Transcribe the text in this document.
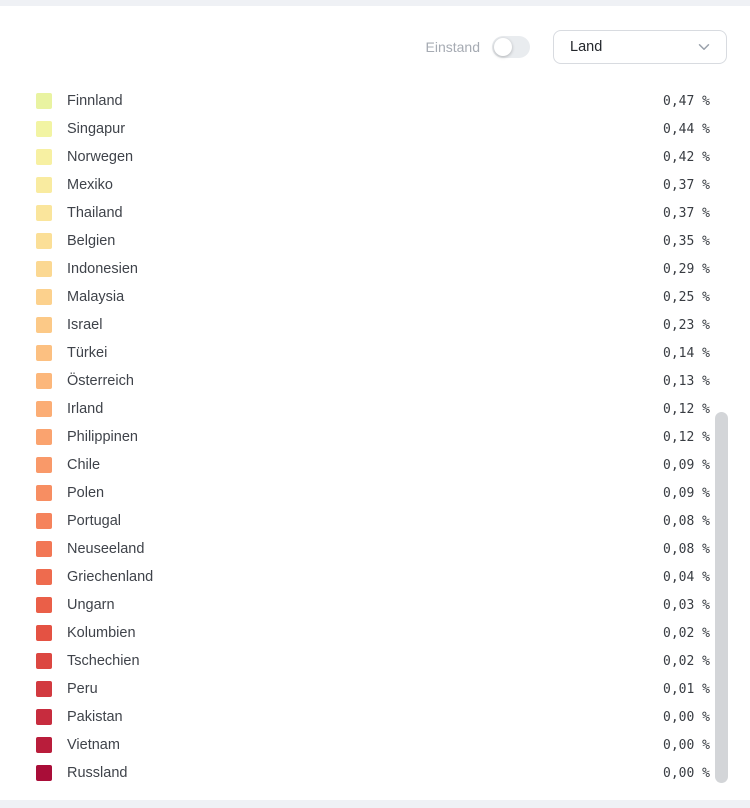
Einstand	Land
Finnland	0,47 %
Singapur	0,44 %
Norwegen	0,42 %
Mexiko	0,37 %
Thailand	0,37 %
Belgien	0,35 %
Indonesien	0,29 %
Malaysia	0,25 %
Israel	0,23 %
Türkei	0,14 %
Österreich	0,13 %
Irland	0,12 %
Philippinen	0,12 %
Chile	0,09 %
Polen	0,09 %
Portugal	0,08 %
Neuseeland	0,08 %
Griechenland	0,04 %
Ungarn	0,03 %
Kolumbien	0,02 %
Tschechien	0,02 %
Peru	0,01 %
Pakistan	0,00 %
Vietnam	0,00 %
Russland	0,00 %
